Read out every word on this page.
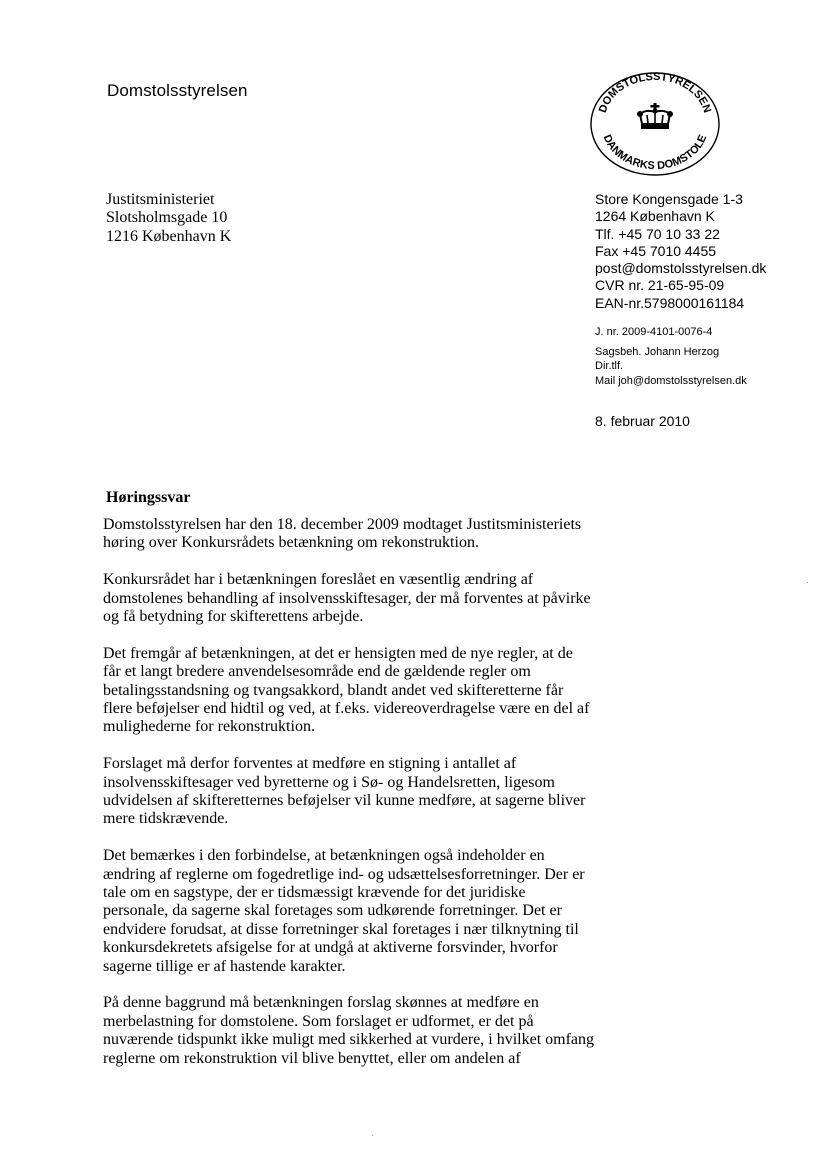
Domstolsstyrelsen
DOMSTOLSSTYRELSEN
DANMARKS DOMSTOLE
Justitsministeriet
Slotsholmsgade 10
1216 København K
Store Kongensgade 1-3
1264 København K
Tlf. +45 70 10 33 22
Fax +45 7010 4455
post@domstolsstyrelsen.dk
CVR nr. 21-65-95-09
EAN-nr.5798000161184
J. nr. 2009-4101-0076-4
Sagsbeh. Johann Herzog
Dir.tlf.
Mail joh@domstolsstyrelsen.dk
8. februar 2010
Høringssvar
Domstolsstyrelsen har den 18. december 2009 modtaget Justitsministeriets
høring over Konkursrådets betænkning om rekonstruktion.
Konkursrådet har i betænkningen foreslået en væsentlig ændring af
domstolenes behandling af insolvensskiftesager, der må forventes at påvirke
og få betydning for skifterettens arbejde.
Det fremgår af betænkningen, at det er hensigten med de nye regler, at de
får et langt bredere anvendelsesområde end de gældende regler om
betalingsstandsning og tvangsakkord, blandt andet ved skifteretterne får
flere beføjelser end hidtil og ved, at f.eks. videreoverdragelse være en del af
mulighederne for rekonstruktion.
Forslaget må derfor forventes at medføre en stigning i antallet af
insolvensskiftesager ved byretterne og i Sø- og Handelsretten, ligesom
udvidelsen af skifteretternes beføjelser vil kunne medføre, at sagerne bliver
mere tidskrævende.
Det bemærkes i den forbindelse, at betænkningen også indeholder en
ændring af reglerne om fogedretlige ind- og udsættelsesforretninger. Der er
tale om en sagstype, der er tidsmæssigt krævende for det juridiske
personale, da sagerne skal foretages som udkørende forretninger. Det er
endvidere forudsat, at disse forretninger skal foretages i nær tilknytning til
konkursdekretets afsigelse for at undgå at aktiverne forsvinder, hvorfor
sagerne tillige er af hastende karakter.
På denne baggrund må betænkningen forslag skønnes at medføre en
merbelastning for domstolene. Som forslaget er udformet, er det på
nuværende tidspunkt ikke muligt med sikkerhed at vurdere, i hvilket omfang
reglerne om rekonstruktion vil blive benyttet, eller om andelen af
